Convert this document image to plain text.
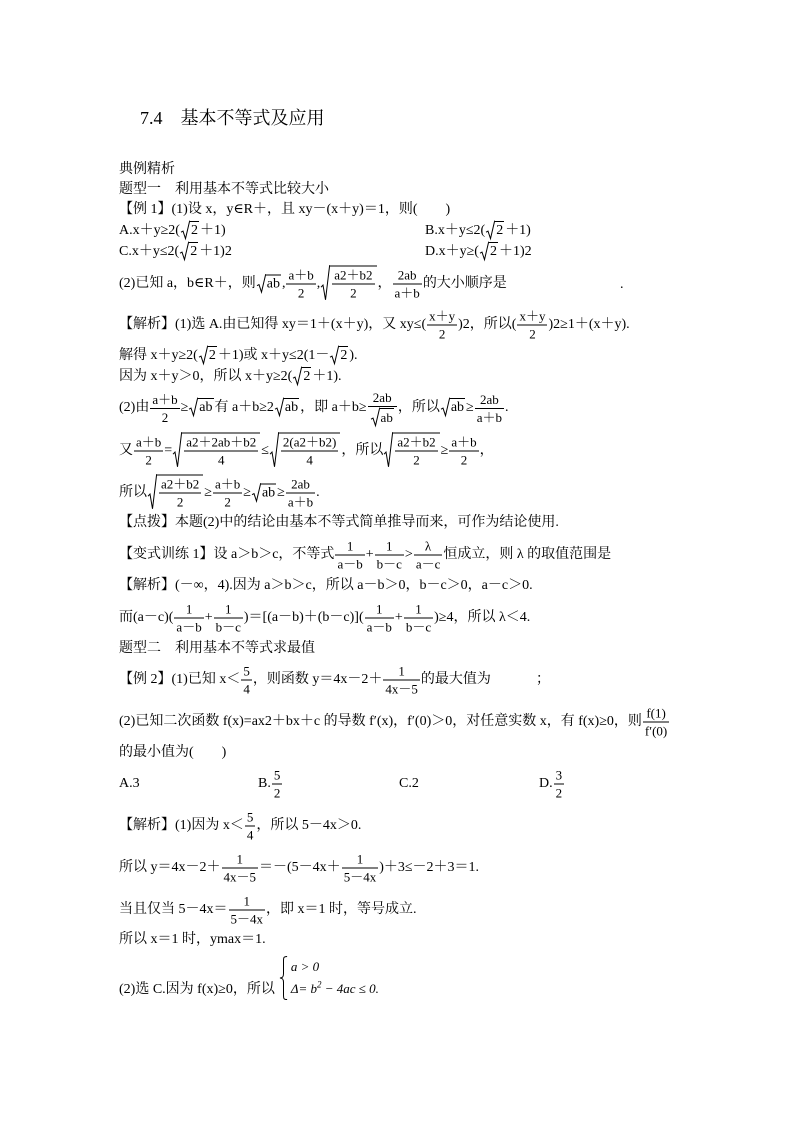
7.4　基本不等式及应用
典例精析
题型一　利用基本不等式比较大小
【例 1】(1)设 x，y∈R＋，且 xy－(x＋y)＝1，则(　　)
A.x＋y≥2( 2 ＋1)	B.x＋y≤2( 2 ＋1)
C.x＋y≤2( 2 ＋1)2	D.x＋y≥( 2 ＋1)2
(2)已知 a，b∈R＋，则 ab , $\frac{a+b}{2}$ , $\frac{a2+b2}{2}$ ， $\frac{2ab}{a+b}$ 的大小顺序是	.
【解析】(1)选 A.由已知得 xy＝1＋(x＋y)，又 $xy\le( \frac{x+y}{2} )2$，所以( $\frac{x+y}{2} )2\ge 1+(x+y)$.
解得 x＋y≥2( 2 ＋1)或 x＋y≤2(1－ 2 ).
因为 x＋y＞0，所以 x＋y≥2( 2 ＋1).
(2)由 $\frac{a+b}{2}$ ≥ ab 有 a＋b≥2 ab ，即 $a+b\ge \frac{2ab}{ab}$ ，所以 ab ≥ $\frac{2ab}{a+b}$ .
又 $\frac{a+b}{2} = \frac{a2+2ab+b2}{4} \le \frac{2(a2+b2)}{4}$ ，所以 $\frac{a2+b2}{2} \ge \frac{a+b}{2}$ ，
所以 $\frac{a2+b2}{2} \ge \frac{a+b}{2}$ ≥ ab ≥ $\frac{2ab}{a+b}$ .
【点拨】本题(2)中的结论由基本不等式简单推导而来，可作为结论使用.
【变式训练 1】设 a＞b＞c，不等式 $\frac{1}{a-b} + \frac{1}{b-c} > \frac{\lambda}{a-c}$ 恒成立，则 λ 的取值范围是
【解析】(－∞，4).因为 a＞b＞c，所以 a－b＞0，b－c＞0，a－c＞0.
而$(a-c)( \frac{1}{a-b} + \frac{1}{b-c} )=[(a-b)+(b-c)]( \frac{1}{a-b} + \frac{1}{b-c} )\ge 4$，所以 λ＜4.
题型二　利用基本不等式求最值
【例 2】(1)已知 $x< \frac{5}{4}$ ，则函数 $y=4x-2+ \frac{1}{4x-5}$ 的最大值为	；
(2)已知二次函数 f(x)=ax2＋bx＋c 的导数 f′(x)，f′(0)＞0，对任意实数 x，有 f(x)≥0，则 $\frac{f(1)}{f'(0)}$
的最小值为(　　)
A.3	B. $\frac{5}{2}$	C.2	D. $\frac{3}{2}$
【解析】(1)因为 $x< \frac{5}{4}$ ，所以 5－4x＞0.
所以 $y=4x-2+ \frac{1}{4x-5} =-(5-4x+ \frac{1}{5-4x} )+3\le-2+3=1$.
当且仅当 $5-4x= \frac{1}{5-4x}$ ，即 x＝1 时，等号成立.
所以 x＝1 时，ymax＝1.
(2)选 C.因为 f(x)≥0，所以
a > 0
$\Delta= b^2 - 4ac \le 0$.
